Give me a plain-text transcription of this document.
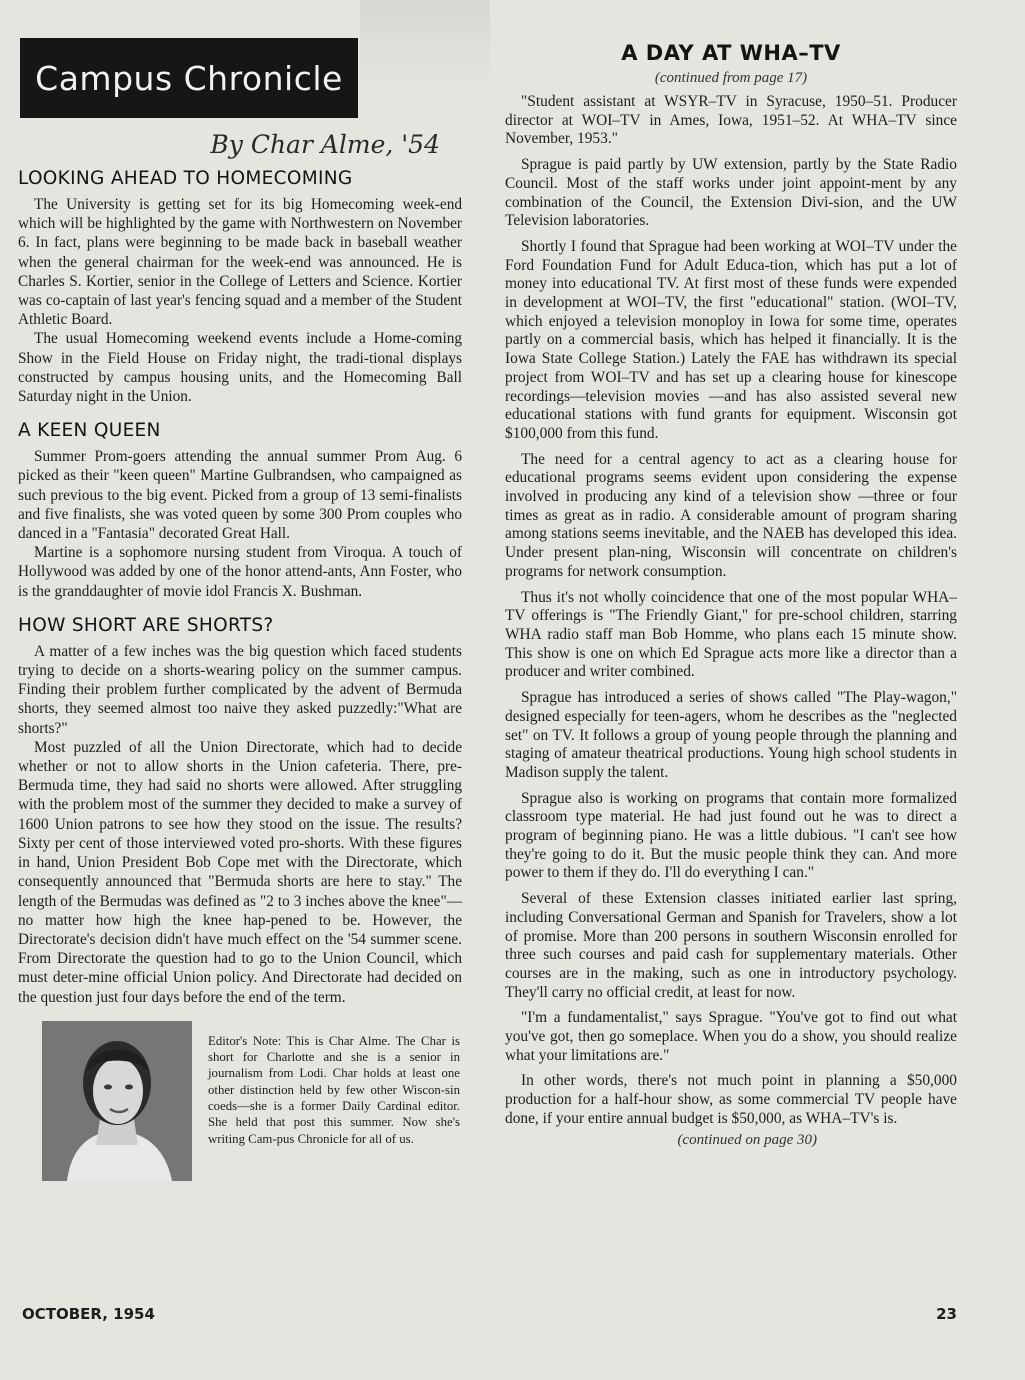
Campus Chronicle
By Char Alme, '54
LOOKING AHEAD TO HOMECOMING

The University is getting set for its big Homecoming week-end which will be highlighted by the game with Northwestern on November 6. In fact, plans were beginning to be made back in baseball weather when the general chairman for the week-end was announced. He is Charles S. Kortier, senior in the College of Letters and Science. Kortier was co-captain of last year's fencing squad and a member of the Student Athletic Board.

The usual Homecoming weekend events include a Home-coming Show in the Field House on Friday night, the tradi-tional displays constructed by campus housing units, and the Homecoming Ball Saturday night in the Union.

A KEEN QUEEN

Summer Prom-goers attending the annual summer Prom Aug. 6 picked as their "keen queen" Martine Gulbrandsen, who campaigned as such previous to the big event. Picked from a group of 13 semi-finalists and five finalists, she was voted queen by some 300 Prom couples who danced in a "Fantasia" decorated Great Hall.

Martine is a sophomore nursing student from Viroqua. A touch of Hollywood was added by one of the honor attend-ants, Ann Foster, who is the granddaughter of movie idol Francis X. Bushman.

HOW SHORT ARE SHORTS?

A matter of a few inches was the big question which faced students trying to decide on a shorts-wearing policy on the summer campus. Finding their problem further complicated by the advent of Bermuda shorts, they seemed almost too naive they asked puzzedly:"What are shorts?"

Most puzzled of all the Union Directorate, which had to decide whether or not to allow shorts in the Union cafeteria. There, pre-Bermuda time, they had said no shorts were allowed. After struggling with the problem most of the summer they decided to make a survey of 1600 Union patrons to see how they stood on the issue. The results? Sixty per cent of those interviewed voted pro-shorts. With these figures in hand, Union President Bob Cope met with the Directorate, which consequently announced that "Bermuda shorts are here to stay." The length of the Bermudas was defined as "2 to 3 inches above the knee"—no matter how high the knee hap-pened to be. However, the Directorate's decision didn't have much effect on the '54 summer scene. From Directorate the question had to go to the Union Council, which must deter-mine official Union policy. And Directorate had decided on the question just four days before the end of the term.

Editor's Note: This is Char Alme. The Char is short for Charlotte and she is a senior in journalism from Lodi. Char holds at least one other distinction held by few other Wiscon-sin coeds—she is a former Daily Cardinal editor. She held that post this summer. Now she's writing Cam-pus Chronicle for all of us.
A DAY AT WHA–TV
(continued from page 17)

"Student assistant at WSYR–TV in Syracuse, 1950–51. Producer director at WOI–TV in Ames, Iowa, 1951–52. At WHA–TV since November, 1953."

Sprague is paid partly by UW extension, partly by the State Radio Council. Most of the staff works under joint appoint-ment by any combination of the Council, the Extension Divi-sion, and the UW Television laboratories.

Shortly I found that Sprague had been working at WOI–TV under the Ford Foundation Fund for Adult Educa-tion, which has put a lot of money into educational TV. At first most of these funds were expended in development at WOI–TV, the first "educational" station. (WOI–TV, which enjoyed a television monoploy in Iowa for some time, operates partly on a commercial basis, which has helped it financially. It is the Iowa State College Station.) Lately the FAE has withdrawn its special project from WOI–TV and has set up a clearing house for kinescope recordings—television movies —and has also assisted several new educational stations with fund grants for equipment. Wisconsin got $100,000 from this fund.

The need for a central agency to act as a clearing house for educational programs seems evident upon considering the expense involved in producing any kind of a television show —three or four times as great as in radio. A considerable amount of program sharing among stations seems inevitable, and the NAEB has developed this idea. Under present plan-ning, Wisconsin will concentrate on children's programs for network consumption.

Thus it's not wholly coincidence that one of the most popular WHA–TV offerings is "The Friendly Giant," for pre-school children, starring WHA radio staff man Bob Homme, who plans each 15 minute show. This show is one on which Ed Sprague acts more like a director than a producer and writer combined.

Sprague has introduced a series of shows called "The Play-wagon," designed especially for teen-agers, whom he describes as the "neglected set" on TV. It follows a group of young people through the planning and staging of amateur theatrical productions. Young high school students in Madison supply the talent.

Sprague also is working on programs that contain more formalized classroom type material. He had just found out he was to direct a program of beginning piano. He was a little dubious. "I can't see how they're going to do it. But the music people think they can. And more power to them if they do. I'll do everything I can."

Several of these Extension classes initiated earlier last spring, including Conversational German and Spanish for Travelers, show a lot of promise. More than 200 persons in southern Wisconsin enrolled for three such courses and paid cash for supplementary materials. Other courses are in the making, such as one in introductory psychology. They'll carry no official credit, at least for now.

"I'm a fundamentalist," says Sprague. "You've got to find out what you've got, then go someplace. When you do a show, you should realize what your limitations are."

In other words, there's not much point in planning a $50,000 production for a half-hour show, as some commercial TV people have done, if your entire annual budget is $50,000, as WHA–TV's is.

(continued on page 30)
OCTOBER, 1954	23
